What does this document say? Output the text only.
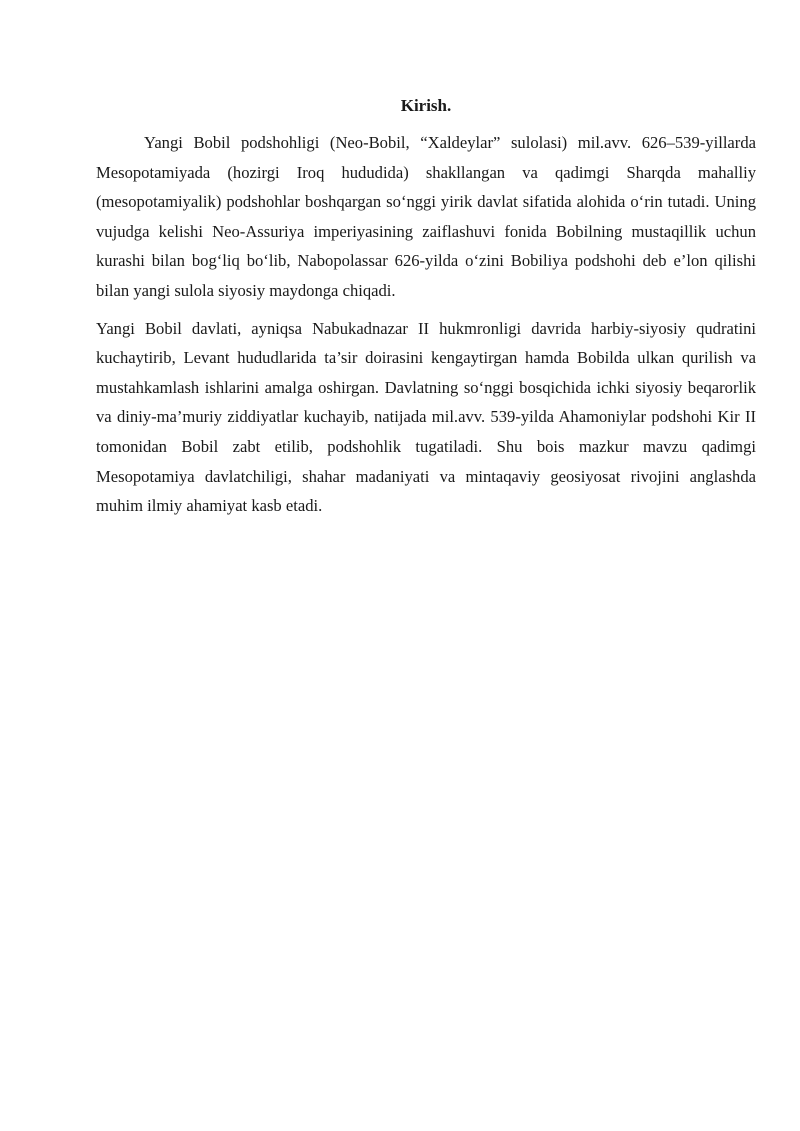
Kirish.

Yangi Bobil podshohligi (Neo-Bobil, “Xaldeylar” sulolasi) mil.avv. 626–539-yillarda Mesopotamiyada (hozirgi Iroq hududida) shakllangan va qadimgi Sharqda mahalliy (mesopotamiyalik) podshohlar boshqargan so‘nggi yirik davlat sifatida alohida o‘rin tutadi. Uning vujudga kelishi Neo-Assuriya imperiyasining zaiflashuvi fonida Bobilning mustaqillik uchun kurashi bilan bog‘liq bo‘lib, Nabopolassar 626-yilda o‘zini Bobiliya podshohi deb e’lon qilishi bilan yangi sulola siyosiy maydonga chiqadi.

Yangi Bobil davlati, ayniqsa Nabukadnazar II hukmronligi davrida harbiy-siyosiy qudratini kuchaytirib, Levant hududlarida ta’sir doirasini kengaytirgan hamda Bobilda ulkan qurilish va mustahkamlash ishlarini amalga oshirgan. Davlatning so‘nggi bosqichida ichki siyosiy beqarorlik va diniy-ma’muriy ziddiyatlar kuchayib, natijada mil.avv. 539-yilda Ahamoniylar podshohi Kir II tomonidan Bobil zabt etilib, podshohlik tugatiladi. Shu bois mazkur mavzu qadimgi Mesopotamiya davlatchiligi, shahar madaniyati va mintaqaviy geosiyosat rivojini anglashda muhim ilmiy ahamiyat kasb etadi.
